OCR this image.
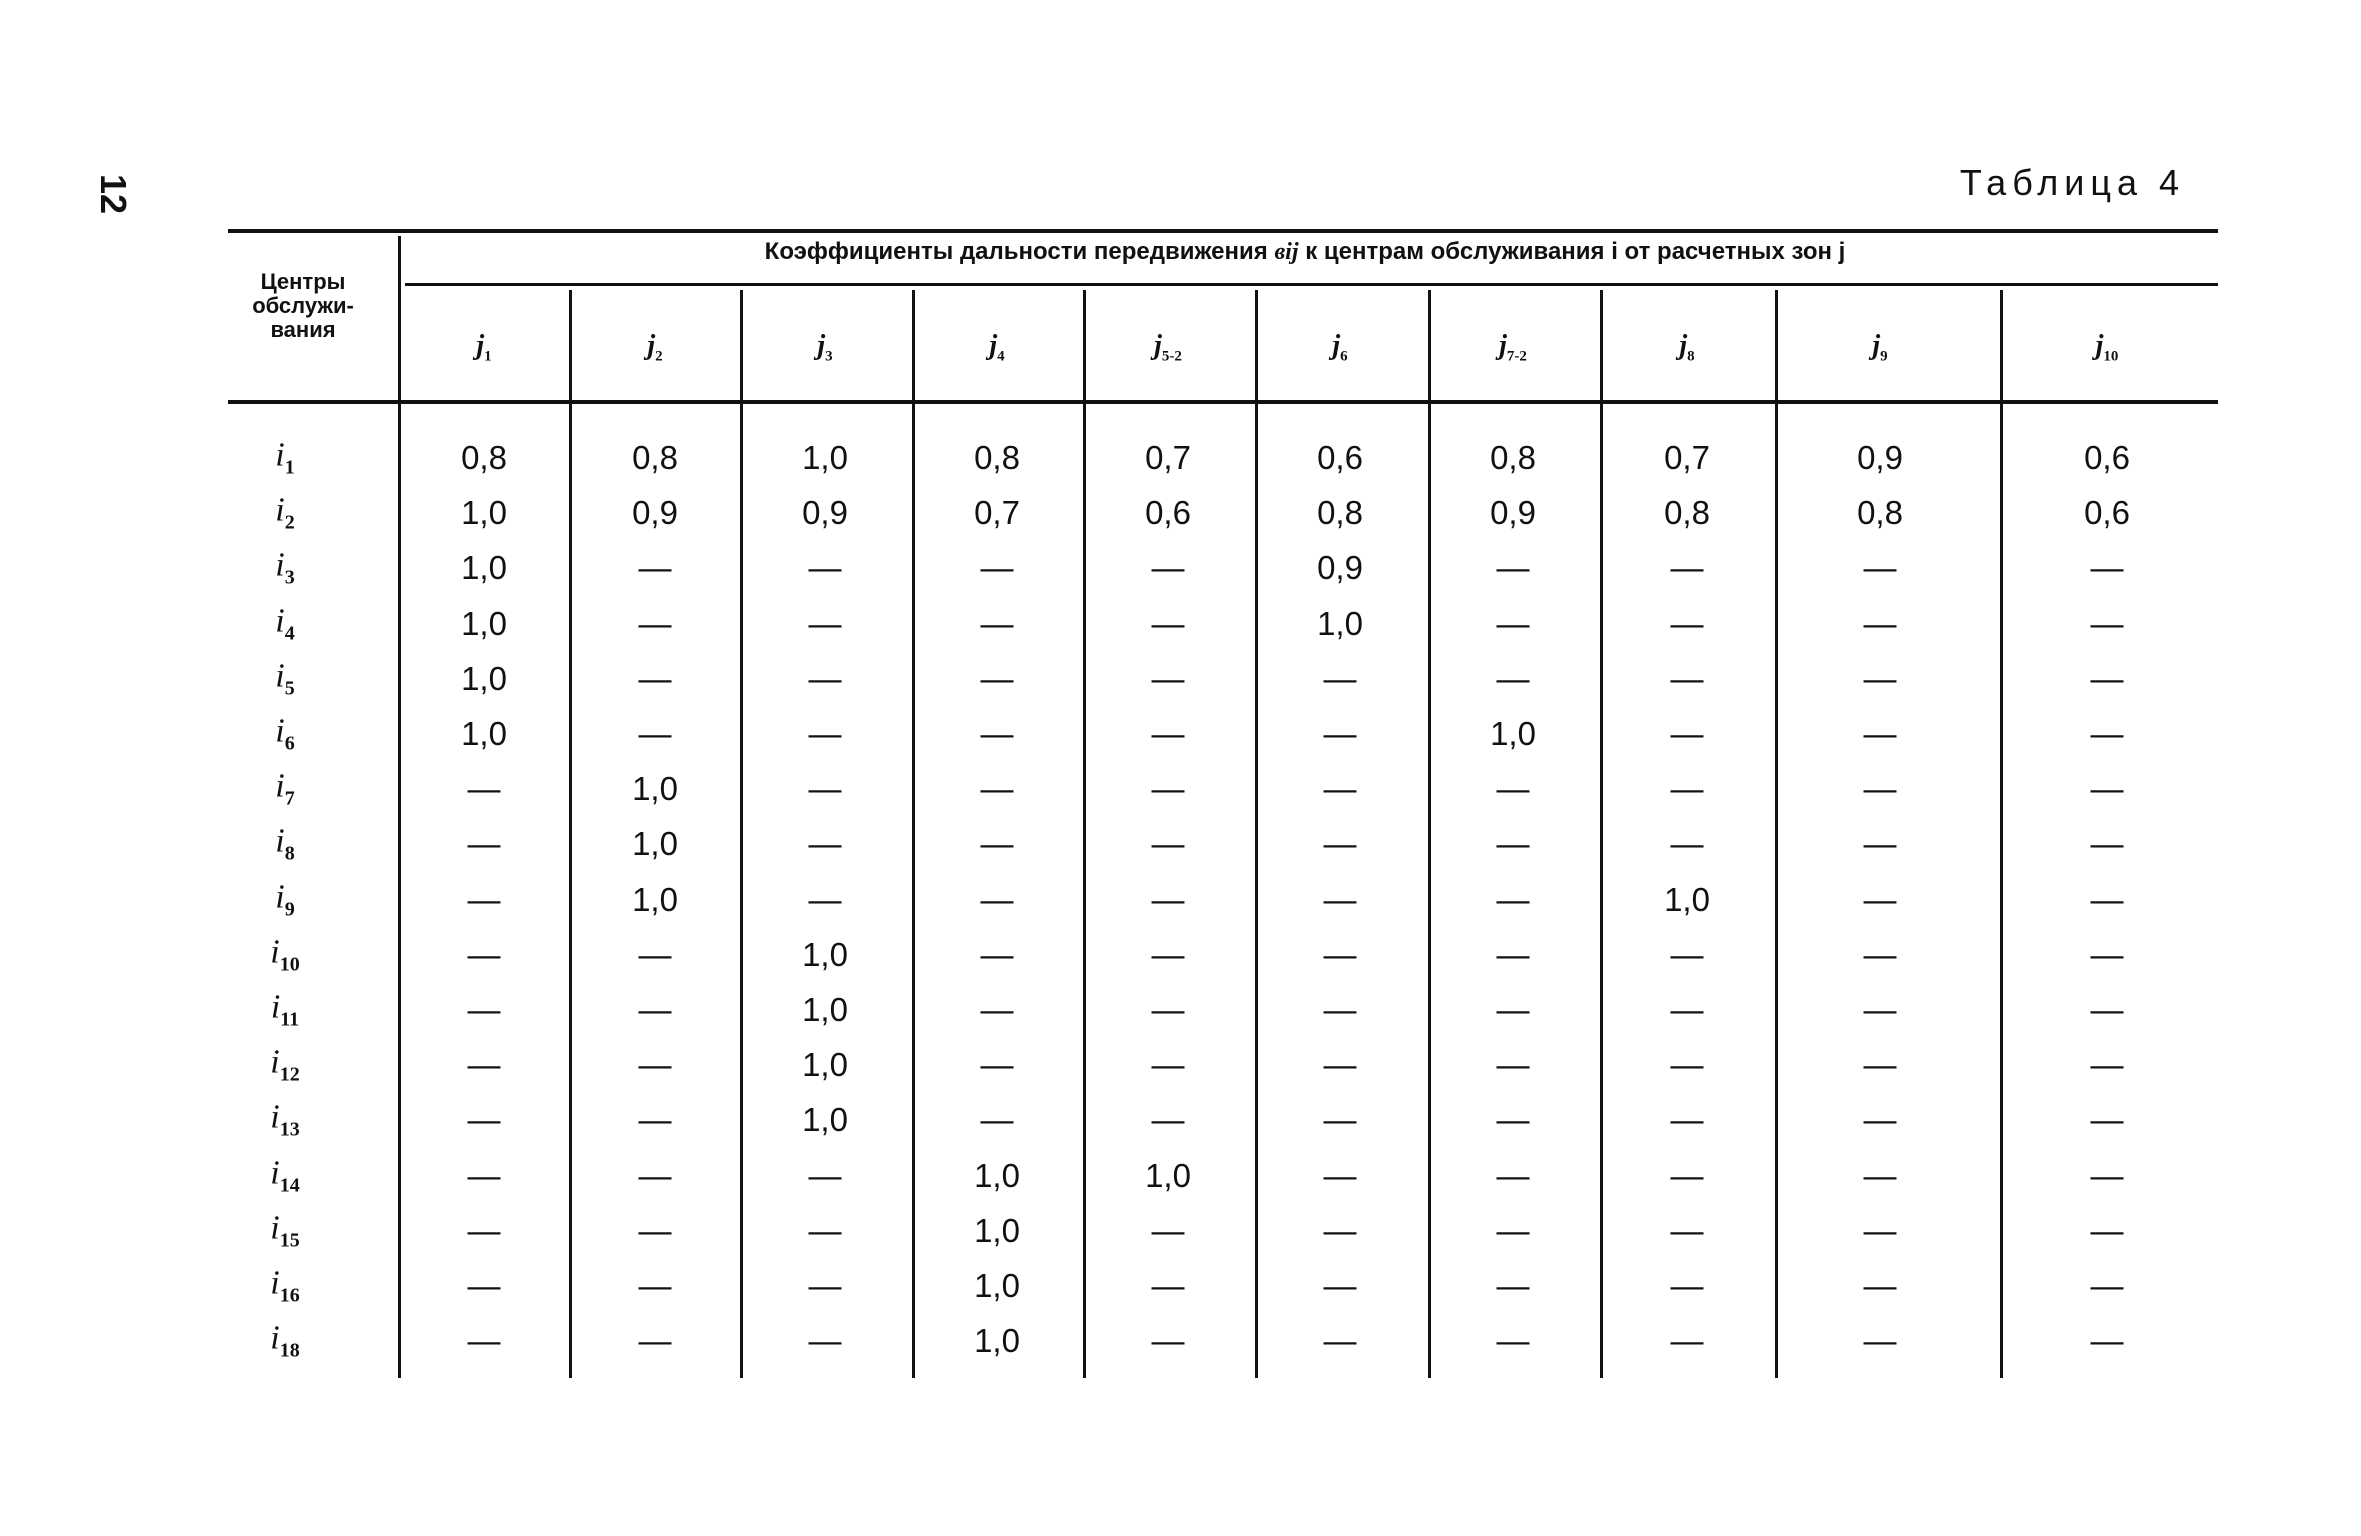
12	Таблица 4
Центры обслужи- вания
Коэффициенты дальности передвижения вij к центрам обслуживания i от расчетных зон j
$j_1$	$j_2$	$j_3$	$j_4$	$j_{5-2}$	$j_6$	$j_{7-2}$	$j_8$	$j_9$	$j_{10}$
$i_1$	0,8	0,8	1,0	0,8	0,7	0,6	0,8	0,7	0,9	0,6
$i_2$	1,0	0,9	0,9	0,7	0,6	0,8	0,9	0,8	0,8	0,6
$i_3$	1,0	—	—	—	—	0,9	—	—	—	—
$i_4$	1,0	—	—	—	—	1,0	—	—	—	—
$i_5$	1,0	—	—	—	—	—	—	—	—	—
$i_6$	1,0	—	—	—	—	—	1,0	—	—	—
$i_7$	—	1,0	—	—	—	—	—	—	—	—
$i_8$	—	1,0	—	—	—	—	—	—	—	—
$i_9$	—	1,0	—	—	—	—	—	1,0	—	—
$i_{10}$	—	—	1,0	—	—	—	—	—	—	—
$i_{11}$	—	—	1,0	—	—	—	—	—	—	—
$i_{12}$	—	—	1,0	—	—	—	—	—	—	—
$i_{13}$	—	—	1,0	—	—	—	—	—	—	—
$i_{14}$	—	—	—	1,0	1,0	—	—	—	—	—
$i_{15}$	—	—	—	1,0	—	—	—	—	—	—
$i_{16}$	—	—	—	1,0	—	—	—	—	—	—
$i_{18}$	—	—	—	1,0	—	—	—	—	—	—
